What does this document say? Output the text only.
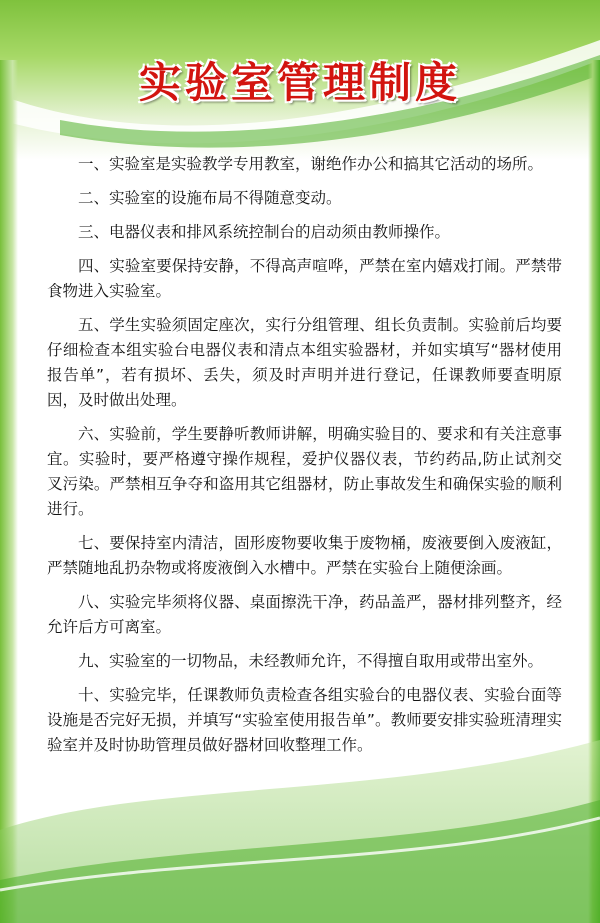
实验室管理制度

一、实验室是实验教学专用教室，谢绝作办公和搞其它活动的场所。

二、实验室的设施布局不得随意变动。

三、电器仪表和排风系统控制台的启动须由教师操作。

四、实验室要保持安静，不得高声喧哗，严禁在室内嬉戏打闹。严禁带食物进入实验室。

五、学生实验须固定座次，实行分组管理、组长负责制。实验前后均要仔细检查本组实验台电器仪表和清点本组实验器材，并如实填写“器材使用报告单”，若有损坏、丢失，须及时声明并进行登记，任课教师要查明原因，及时做出处理。

六、实验前，学生要静听教师讲解，明确实验目的、要求和有关注意事宜。实验时，要严格遵守操作规程，爱护仪器仪表，节约药品,防止试剂交叉污染。严禁相互争夺和盗用其它组器材，防止事故发生和确保实验的顺利进行。

七、要保持室内清洁，固形废物要收集于废物桶，废液要倒入废液缸，严禁随地乱扔杂物或将废液倒入水槽中。严禁在实验台上随便涂画。

八、实验完毕须将仪器、桌面擦洗干净，药品盖严，器材排列整齐，经允许后方可离室。

九、实验室的一切物品，未经教师允许，不得擅自取用或带出室外。

十、实验完毕，任课教师负责检查各组实验台的电器仪表、实验台面等设施是否完好无损，并填写“实验室使用报告单”。教师要安排实验班清理实验室并及时协助管理员做好器材回收整理工作。
